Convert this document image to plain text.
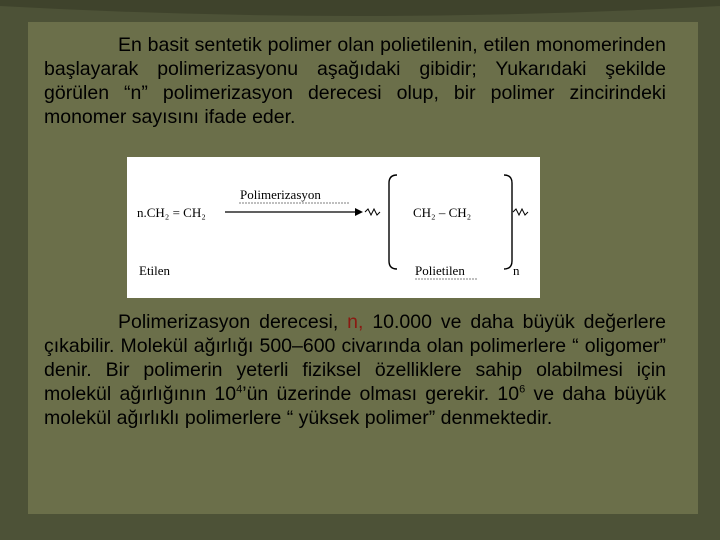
En basit sentetik polimer olan polietilenin, etilen monomerinden başlayarak polimerizasyonu aşağıdaki gibidir; Yukarıdaki şekilde görülen “n” polimerizasyon derecesi olup, bir polimer zincirindeki monomer sayısını ifade eder.

Polimerizasyon
n.CH₂ = CH₂	CH₂ – CH₂
Etilen	Polietilen	n

Polimerizasyon derecesi, n, 10.000 ve daha büyük değerlere çıkabilir. Molekül ağırlığı 500–600 civarında olan polimerlere “ oligomer” denir. Bir polimerin yeterli fiziksel özelliklere sahip olabilmesi için molekül ağırlığının $10^4’ün$ üzerinde olması gerekir. $10^6$ ve daha büyük molekül ağırlıklı polimerlere “ yüksek polimer” denmektedir.
